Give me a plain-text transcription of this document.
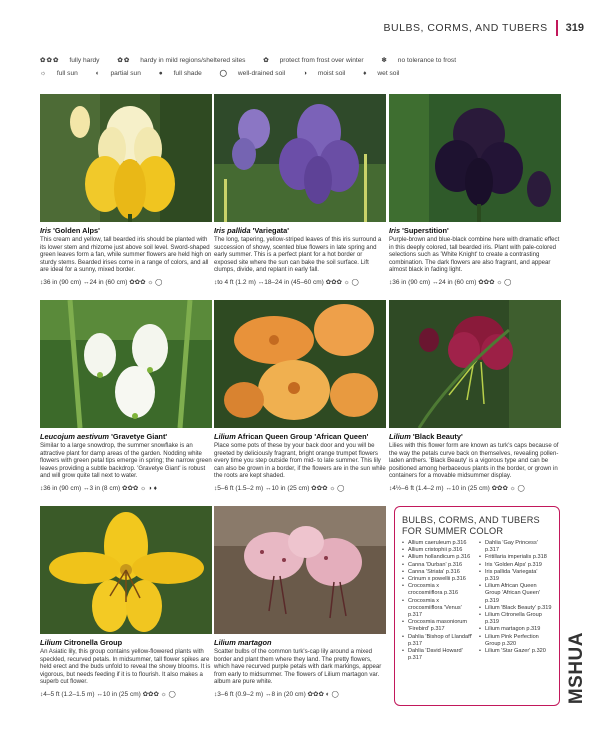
BULBS, CORMS, AND TUBERS 319
✿✿✿ fully hardy	✿✿ hardy in mild regions/sheltered sites	✿ protect from frost over winter	❄ no tolerance to frost
☼ full sun	◐ partial sun	● full shade	◯ well-drained soil	◑ moist soil	♦ wet soil
Iris 'Golden Alps'
This cream and yellow, tall bearded iris should be planted with its lower stem and rhizome just above soil level. Sword-shaped green leaves form a fan, while summer flowers are held high on sturdy stems. Bearded irises come in a range of colors, and all are ideal for a sunny, mixed border.
↕36 in (90 cm) ↔24 in (60 cm) ✿✿✿ ☼ ◯
Iris pallida 'Variegata'
The long, tapering, yellow-striped leaves of this iris surround a succession of showy, scented blue flowers in late spring and early summer. This is a perfect plant for a hot border or exposed site where the sun can bake the soil surface. Lift clumps, divide, and replant in early fall.
↕to 4 ft (1.2 m) ↔18–24 in (45–60 cm) ✿✿✿ ☼ ◯
Iris 'Superstition'
Purple-brown and blue-black combine here with dramatic effect in this deeply colored, tall bearded iris. Plant with pale-colored selections such as 'White Knight' to create a contrasting combination. The dark flowers are also fragrant, and appear almost black in fading light.
↕36 in (90 cm) ↔24 in (60 cm) ✿✿✿ ☼ ◯
Leucojum aestivum 'Gravetye Giant'
Similar to a large snowdrop, the summer snowflake is an attractive plant for damp areas of the garden. Nodding white flowers with green petal tips emerge in spring; the narrow green leaves providing a subtle backdrop. 'Gravetye Giant' is robust and will grow quite tall next to water.
↕36 in (90 cm) ↔3 in (8 cm) ✿✿✿ ☼ ◑ ♦
Lilium African Queen Group 'African Queen'
Place some pots of these by your back door and you will be greeted by deliciously fragrant, bright orange trumpet flowers every time you step outside from mid- to late summer. This lily can also be grown in a border, if the flowers are in the sun while the roots are kept shaded.
↕5–6 ft (1.5–2 m) ↔10 in (25 cm) ✿✿✿ ☼ ◯
Lilium 'Black Beauty'
Lilies with this flower form are known as turk's caps because of the way the petals curve back on themselves, revealing pollen-laden anthers. 'Black Beauty' is a vigorous type and can be positioned among herbaceous plants in the border, or grown in containers for a movable midsummer display.
↕4½–6 ft (1.4–2 m) ↔10 in (25 cm) ✿✿✿ ☼ ◯
Lilium Citronella Group
An Asiatic lily, this group contains yellow-flowered plants with speckled, recurved petals. In midsummer, tall flower spikes are held erect and the buds unfold to reveal the showy blooms. It is vigorous, but needs feeding if it is to flourish. It also makes a superb cut flower.
↕4–5 ft (1.2–1.5 m) ↔10 in (25 cm) ✿✿✿ ☼ ◯
Lilium martagon
Scatter bulbs of the common turk's-cap lily around a mixed border and plant them where they land. The pretty flowers, which have recurved purple petals with dark markings, appear from early to midsummer. The flowers of Lilium martagon var. album are pure white.
↕3–6 ft (0.9–2 m) ↔8 in (20 cm) ✿✿✿ ◐ ◯
BULBS, CORMS, AND TUBERS FOR SUMMER COLOR
• Allium caeruleum p.316
• Allium cristophii p.316
• Allium hollandicum p.316
• Canna 'Durban' p.316
• Canna 'Striata' p.316
• Crinum x powellii p.316
• Crocosmia x crocosmiiflora p.316
• Crocosmia x crocosmiiflora 'Venus' p.317
• Crocosmia masoniorum 'Firebird' p.317
• Dahlia 'Bishop of Llandaff' p.317
• Dahlia 'David Howard' p.317
• Dahlia 'Gay Princess' p.317
• Fritillaria imperialis p.318
• Iris 'Golden Alps' p.319
• Iris pallida 'Variegata' p.319
• Lilium African Queen Group 'African Queen' p.319
• Lilium 'Black Beauty' p.319
• Lilium Citronella Group p.319
• Lilium martagon p.319
• Lilium Pink Perfection Group p.320
• Lilium 'Star Gazer' p.320	MSHUA
